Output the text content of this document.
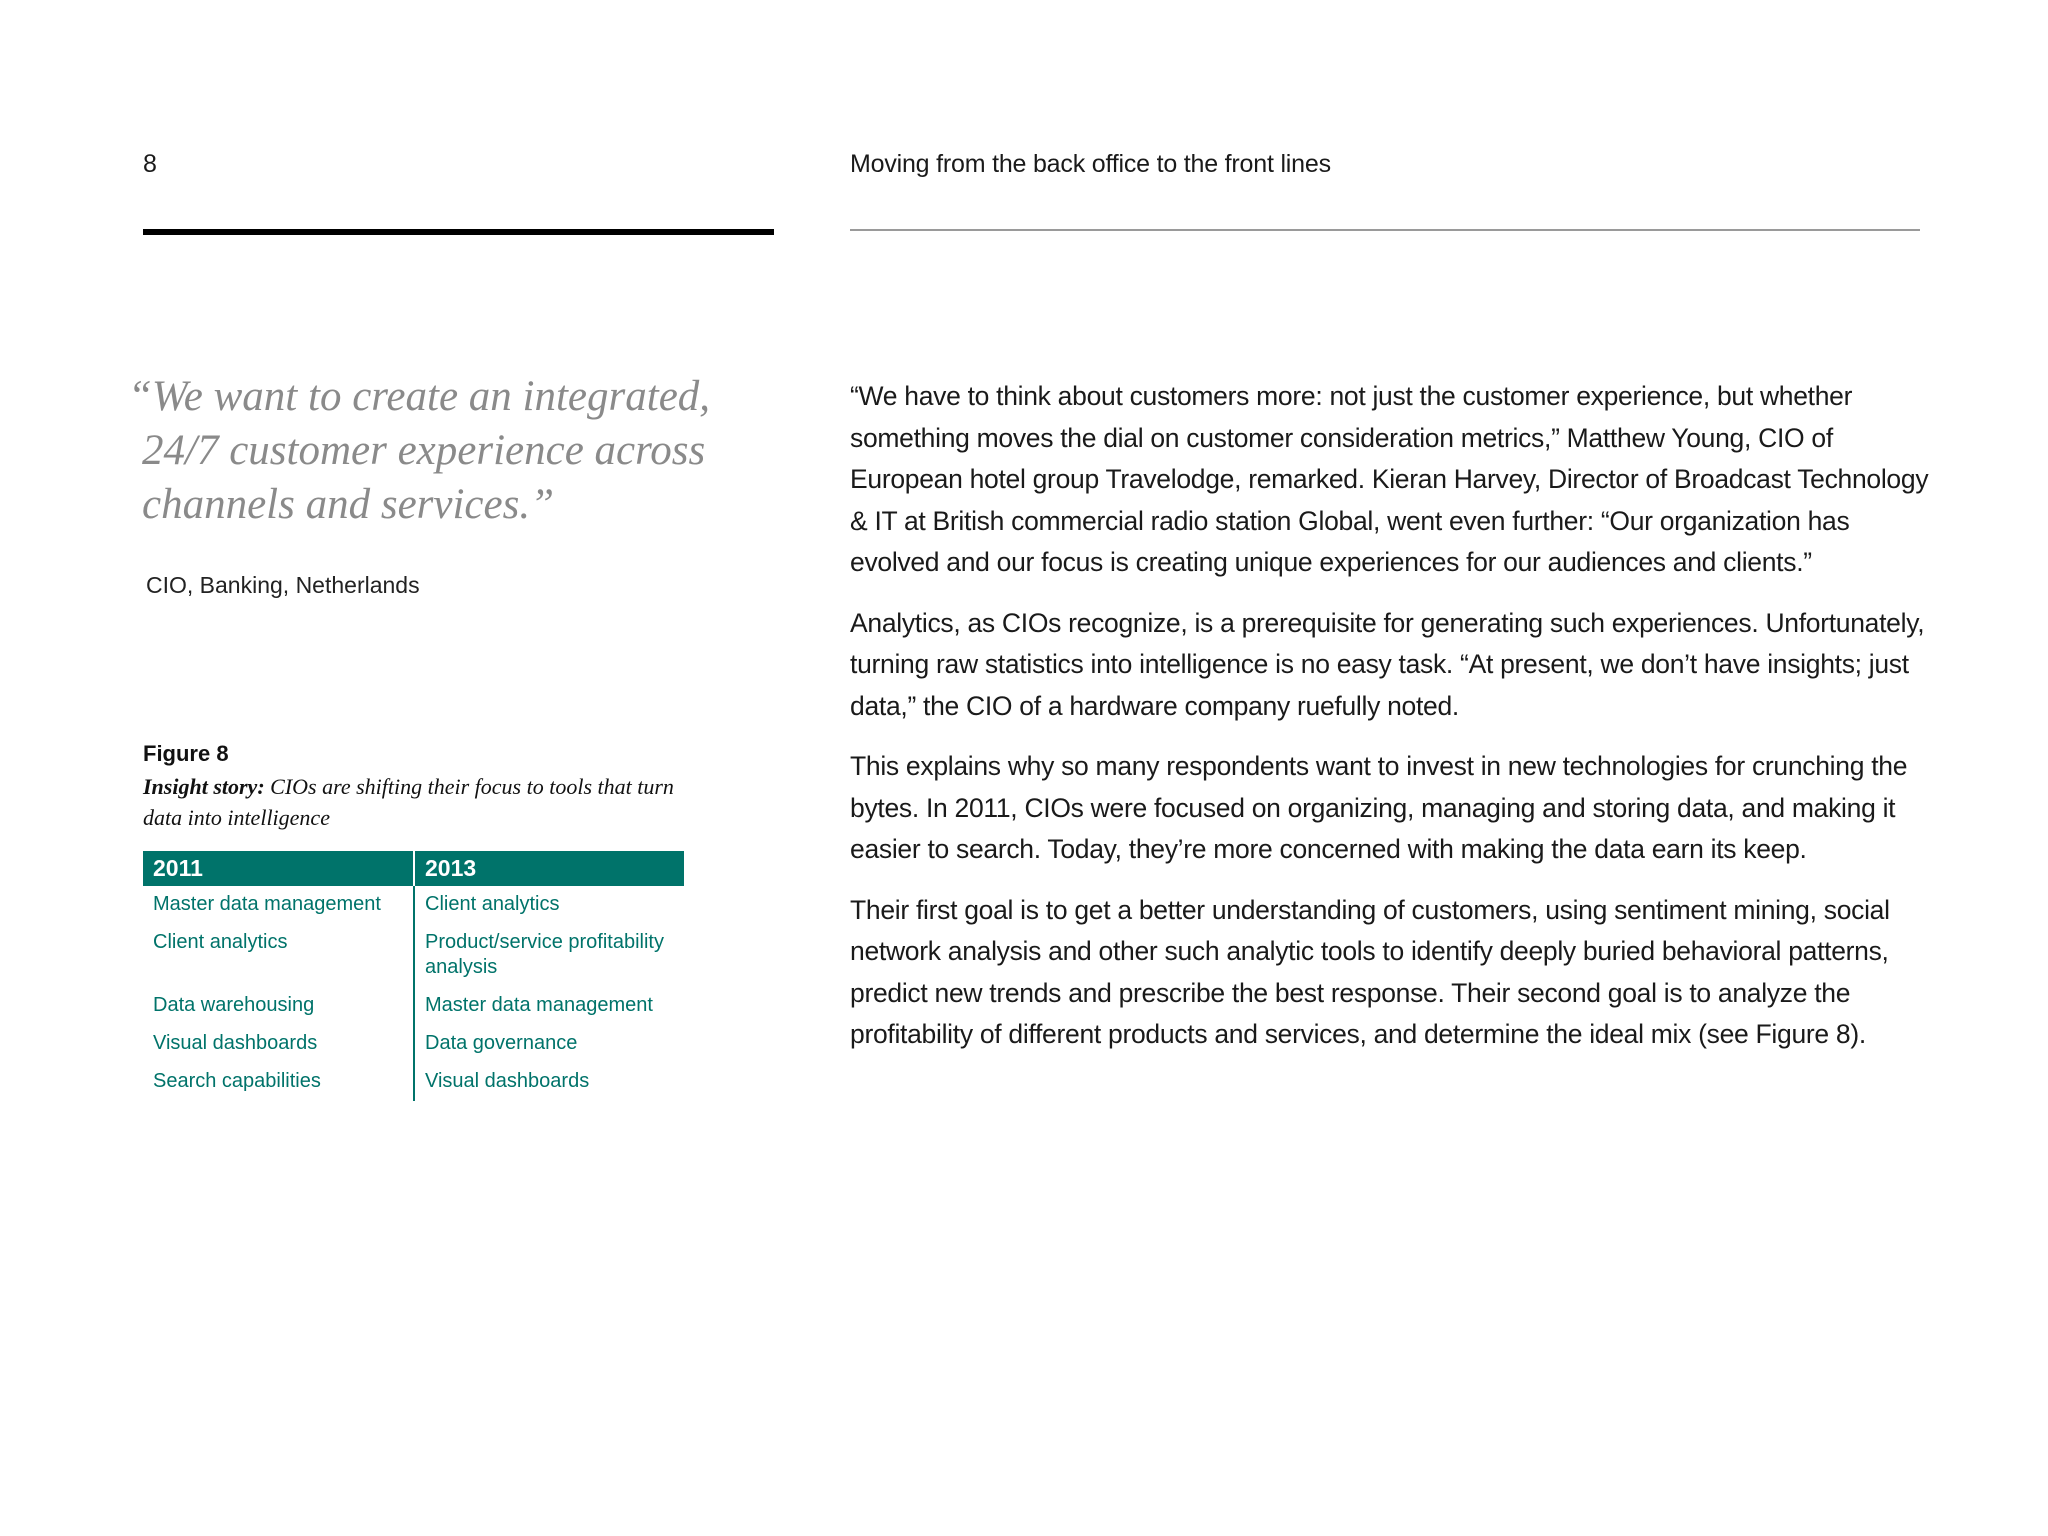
8	Moving from the back office to the front lines
“We want to create an integrated, 24/7 customer experience across channels and services.”
CIO, Banking, Netherlands
Figure 8
Insight story: CIOs are shifting their focus to tools that turn data into intelligence
2011	2013
Master data management	Client analytics
Client analytics	Product/service profitability analysis
Data warehousing	Master data management
Visual dashboards	Data governance
Search capabilities	Visual dashboards

“We have to think about customers more: not just the customer experience, but whether something moves the dial on customer consideration metrics,” Matthew Young, CIO of European hotel group Travelodge, remarked. Kieran Harvey, Director of Broadcast Technology & IT at British commercial radio station Global, went even further: “Our organization has evolved and our focus is creating unique experiences for our audiences and clients.”

Analytics, as CIOs recognize, is a prerequisite for generating such experiences. Unfortunately, turning raw statistics into intelligence is no easy task. “At present, we don’t have insights; just data,” the CIO of a hardware company ruefully noted.

This explains why so many respondents want to invest in new technologies for crunching the bytes. In 2011, CIOs were focused on organizing, managing and storing data, and making it easier to search. Today, they’re more concerned with making the data earn its keep.

Their first goal is to get a better understanding of customers, using sentiment mining, social network analysis and other such analytic tools to identify deeply buried behavioral patterns, predict new trends and prescribe the best response. Their second goal is to analyze the profitability of different products and services, and determine the ideal mix (see Figure 8).
